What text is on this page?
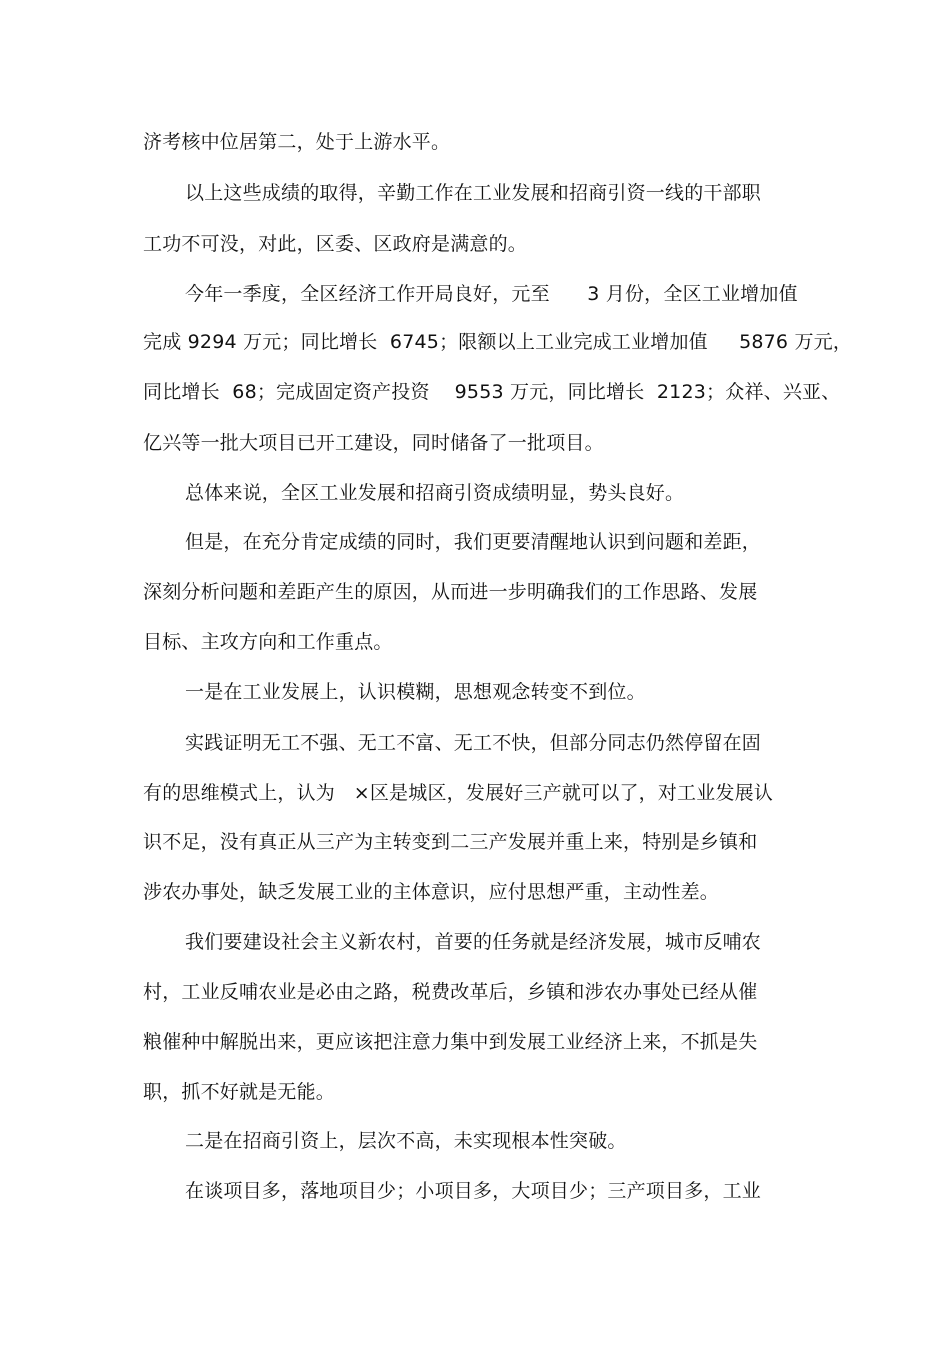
济考核中位居第二，处于上游水平。
以上这些成绩的取得，辛勤工作在工业发展和招商引资一线的干部职
工功不可没，对此，区委、区政府是满意的。
今年一季度，全区经济工作开局良好，元至      3 月份，全区工业增加值
完成 9294 万元；同比增长  6745；限额以上工业完成工业增加值     5876 万元，
同比增长  68；完成固定资产投资    9553 万元，同比增长  2123；众祥、兴亚、
亿兴等一批大项目已开工建设，同时储备了一批项目。
总体来说，全区工业发展和招商引资成绩明显，势头良好。
但是，在充分肯定成绩的同时，我们更要清醒地认识到问题和差距，
深刻分析问题和差距产生的原因，从而进一步明确我们的工作思路、发展
目标、主攻方向和工作重点。
一是在工业发展上，认识模糊，思想观念转变不到位。
实践证明无工不强、无工不富、无工不快，但部分同志仍然停留在固
有的思维模式上，认为   ×区是城区，发展好三产就可以了，对工业发展认
识不足，没有真正从三产为主转变到二三产发展并重上来，特别是乡镇和
涉农办事处，缺乏发展工业的主体意识，应付思想严重，主动性差。
我们要建设社会主义新农村，首要的任务就是经济发展，城市反哺农
村，工业反哺农业是必由之路，税费改革后，乡镇和涉农办事处已经从催
粮催种中解脱出来，更应该把注意力集中到发展工业经济上来，不抓是失
职，抓不好就是无能。
二是在招商引资上，层次不高，未实现根本性突破。
在谈项目多，落地项目少；小项目多，大项目少；三产项目多，工业
